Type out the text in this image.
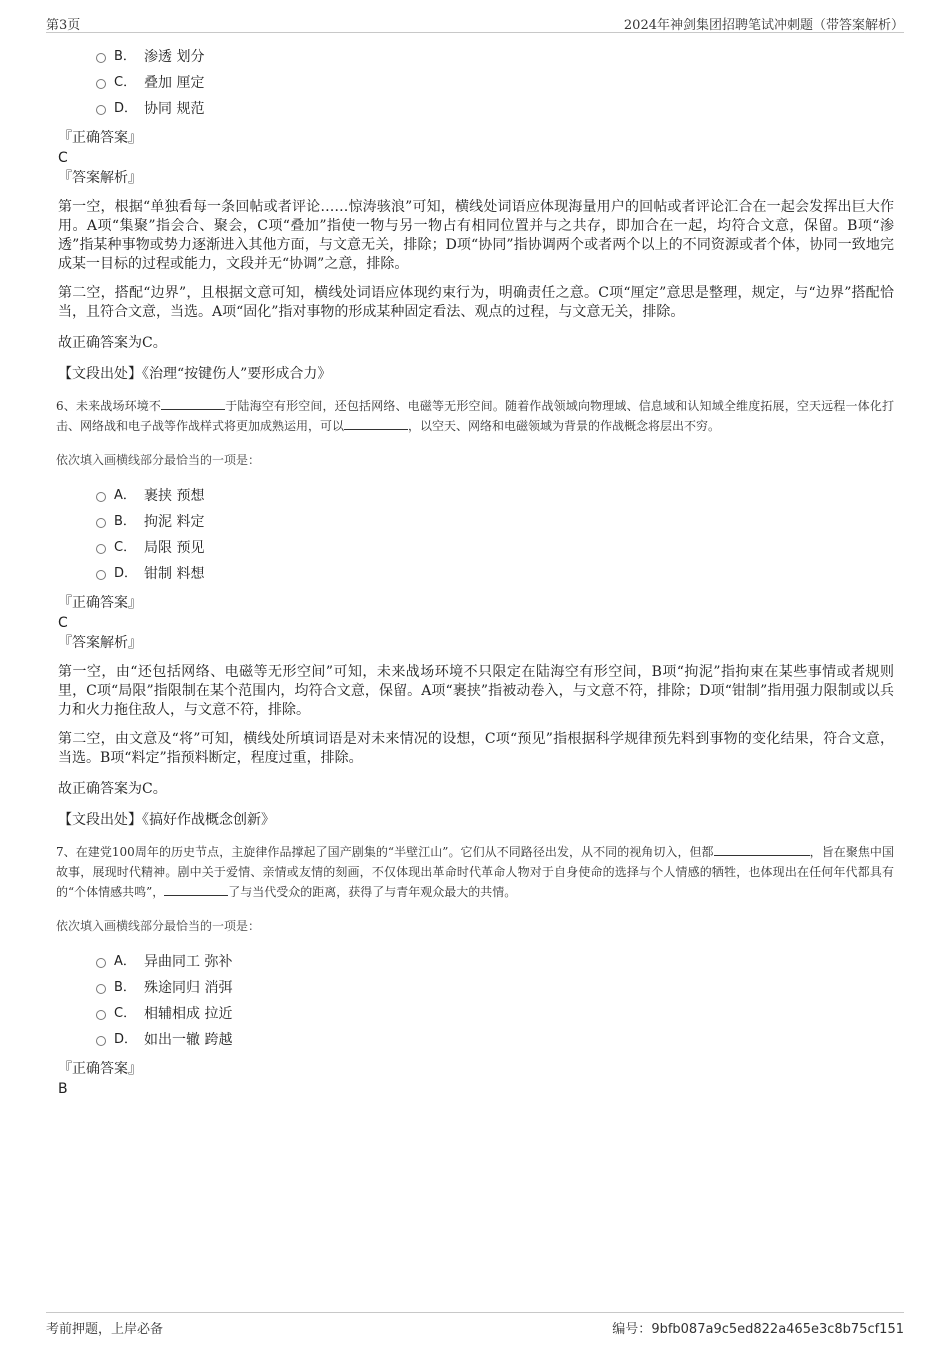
第3页	2024年神剑集团招聘笔试冲刺题（带答案解析）
B． 渗透 划分
C． 叠加 厘定
D． 协同 规范
『正确答案』
C
『答案解析』

第一空，根据“单独看每一条回帖或者评论……惊涛骇浪”可知，横线处词语应体现海量用户的回帖或者评论汇合在一起会发挥出巨大作用。A项“集聚”指会合、聚会，C项“叠加”指使一物与另一物占有相同位置并与之共存，即加合在一起，均符合文意，保留。B项“渗透”指某种事物或势力逐渐进入其他方面，与文意无关，排除；D项“协同”指协调两个或者两个以上的不同资源或者个体，协同一致地完成某一目标的过程或能力，文段并无“协调”之意，排除。

第二空，搭配“边界”，且根据文意可知，横线处词语应体现约束行为，明确责任之意。C项“厘定”意思是整理，规定，与“边界”搭配恰当，且符合文意，当选。A项“固化”指对事物的形成某种固定看法、观点的过程，与文意无关，排除。

故正确答案为C。

【文段出处】《治理“按键伤人”要形成合力》

6、未来战场环境不	于陆海空有形空间，还包括网络、电磁等无形空间。随着作战领域向物理域、信息域和认知域全维度拓展，空天远程一体化打击、网络战和电子战等作战样式将更加成熟运用，可以	，以空天、网络和电磁领域为背景的作战概念将层出不穷。

依次填入画横线部分最恰当的一项是：
A． 裹挟 预想
B． 拘泥 料定
C． 局限 预见
D． 钳制 料想
『正确答案』
C
『答案解析』

第一空，由“还包括网络、电磁等无形空间”可知，未来战场环境不只限定在陆海空有形空间，B项“拘泥”指拘束在某些事情或者规则里，C项“局限”指限制在某个范围内，均符合文意，保留。A项“裹挟”指被动卷入，与文意不符，排除；D项“钳制”指用强力限制或以兵力和火力拖住敌人，与文意不符，排除。

第二空，由文意及“将”可知，横线处所填词语是对未来情况的设想，C项“预见”指根据科学规律预先料到事物的变化结果，符合文意，当选。B项“料定”指预料断定，程度过重，排除。

故正确答案为C。

【文段出处】《搞好作战概念创新》

7、在建党100周年的历史节点，主旋律作品撑起了国产剧集的“半壁江山”。它们从不同路径出发，从不同的视角切入，但都	，旨在聚焦中国故事，展现时代精神。剧中关于爱情、亲情或友情的刻画，不仅体现出革命时代革命人物对于自身使命的选择与个人情感的牺牲，也体现出在任何年代都具有的“个体情感共鸣”，	了与当代受众的距离，获得了与青年观众最大的共情。

依次填入画横线部分最恰当的一项是：
A． 异曲同工 弥补
B． 殊途同归 消弭
C． 相辅相成 拉近
D． 如出一辙 跨越
『正确答案』
B
考前押题，上岸必备	编号：9bfb087a9c5ed822a465e3c8b75cf151
